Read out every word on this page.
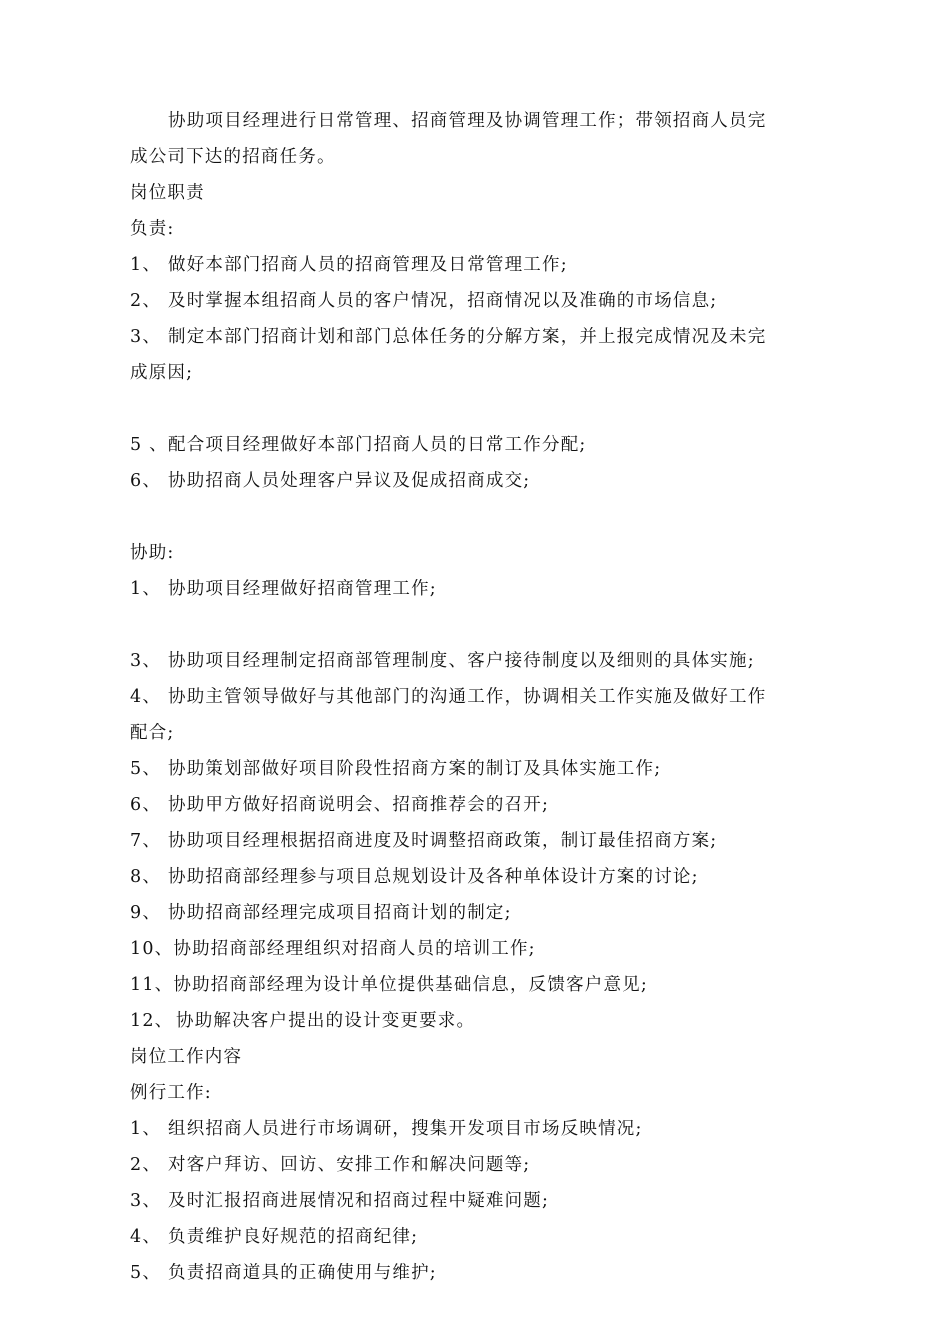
协助项目经理进行日常管理、招商管理及协调管理工作；带领招商人员完
成公司下达的招商任务。
岗位职责
负责:
1、 做好本部门招商人员的招商管理及日常管理工作;
2、 及时掌握本组招商人员的客户情况，招商情况以及准确的市场信息;
3、 制定本部门招商计划和部门总体任务的分解方案，并上报完成情况及未完
成原因;
5 、配合项目经理做好本部门招商人员的日常工作分配;
6、 协助招商人员处理客户异议及促成招商成交;
协助:
1、 协助项目经理做好招商管理工作;
3、 协助项目经理制定招商部管理制度、客户接待制度以及细则的具体实施;
4、 协助主管领导做好与其他部门的沟通工作，协调相关工作实施及做好工作
配合;
5、 协助策划部做好项目阶段性招商方案的制订及具体实施工作;
6、 协助甲方做好招商说明会、招商推荐会的召开;
7、 协助项目经理根据招商进度及时调整招商政策，制订最佳招商方案;
8、 协助招商部经理参与项目总规划设计及各种单体设计方案的讨论;
9、 协助招商部经理完成项目招商计划的制定;
10、协助招商部经理组织对招商人员的培训工作;
11、协助招商部经理为设计单位提供基础信息，反馈客户意见;
12、 协助解决客户提出的设计变更要求。
岗位工作内容
例行工作:
1、 组织招商人员进行市场调研，搜集开发项目市场反映情况;
2、 对客户拜访、回访、安排工作和解决问题等;
3、 及时汇报招商进展情况和招商过程中疑难问题;
4、 负责维护良好规范的招商纪律;
5、 负责招商道具的正确使用与维护;
